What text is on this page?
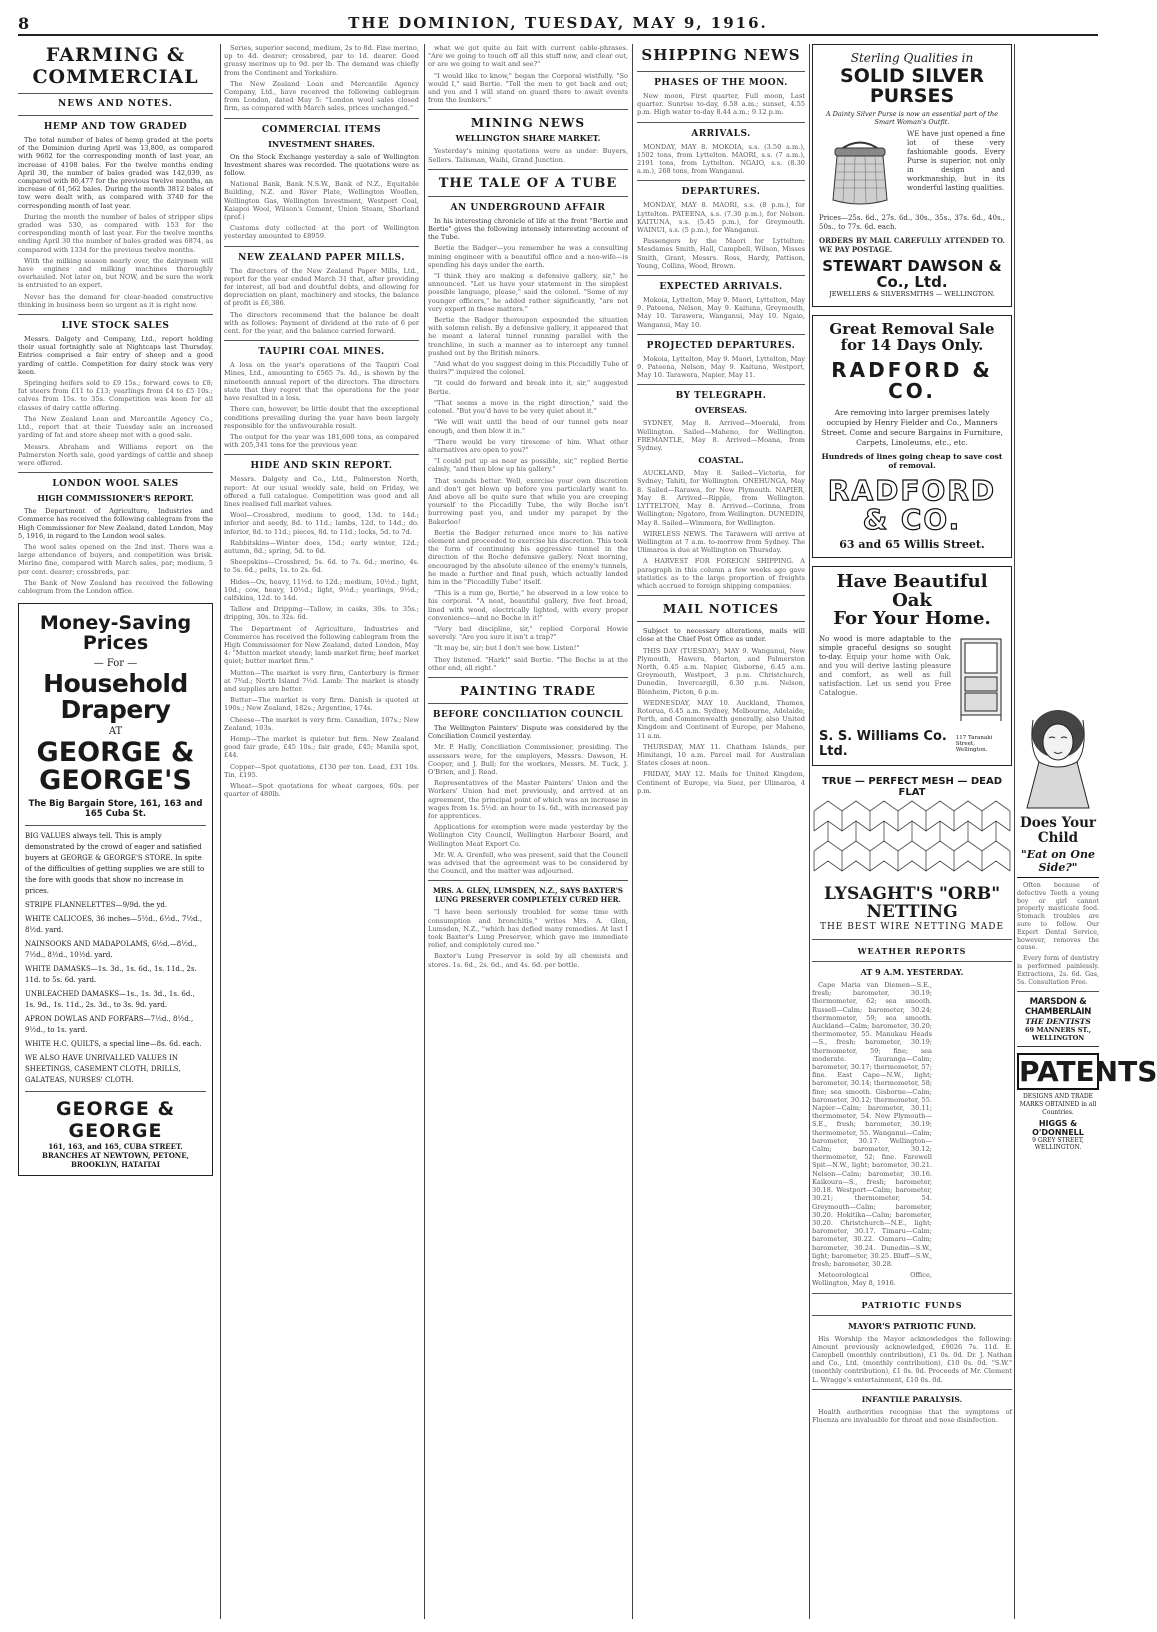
8	THE DOMINION, TUESDAY, MAY 9, 1916.
FARMING & COMMERCIAL
NEWS AND NOTES.
HEMP AND TOW GRADED

The total number of bales of hemp graded at the ports of the Dominion during April was 13,800, as compared with 9602 for the corresponding month of last year, an increase of 4198 bales. For the twelve months ending April 30, the number of bales graded was 142,039, as compared with 80,477 for the previous twelve months, an increase of 61,562 bales. During the month 3812 bales of tow were dealt with, as compared with 3740 for the corresponding month of last year.

During the month the number of bales of stripper slips graded was 530, as compared with 153 for the corresponding month of last year. For the twelve months ending April 30 the number of bales graded was 6874, as compared with 1334 for the previous twelve months.

With the milking season nearly over, the dairymen will have engines and milking machines thoroughly overhauled. Not later on, but NOW, and be sure the work is entrusted to an expert.

Never has the demand for clear-headed constructive thinking in business been so urgent as it is right now.

LIVE STOCK SALES

Messrs. Dalgety and Company, Ltd., report holding their usual fortnightly sale at Nightcaps last Thursday. Entries comprised a fair entry of sheep and a good yarding of cattle. Competition for dairy stock was very keen.

Springing heifers sold to £9 15s.; forward cows to £8; fat steers from £11 to £13; yearlings from £4 to £5 10s.; calves from 15s. to 35s. Competition was keen for all classes of dairy cattle offering.

The New Zealand Loan and Mercantile Agency Co., Ltd., report that at their Tuesday sale an increased yarding of fat and store sheep met with a good sale.

Messrs. Abraham and Williams report on the Palmerston North sale, good yardings of cattle and sheep were offered.

LONDON WOOL SALES
HIGH COMMISSIONER'S REPORT.

The Department of Agriculture, Industries and Commerce has received the following cablegram from the High Commissioner for New Zealand, dated London, May 5, 1916, in regard to the London wool sales.

The wool sales opened on the 2nd inst. There was a large attendance of buyers, and competition was brisk. Merino fine, compared with March sales, par; medium, 5 per cent. dearer; crossbreds, par.

The Bank of New Zealand has received the following cablegram from the London office.

Money-Saving Prices
— For —
Household Drapery
AT
GEORGE & GEORGE'S
The Big Bargain Store, 161, 163 and 165 Cuba St.
BIG VALUES always tell. This is amply demonstrated by the crowd of eager and satisfied buyers at GEORGE & GEORGE'S STORE. In spite of the difficulties of getting supplies we are still to the fore with goods that show no increase in prices.
STRIPE FLANNELETTES—9/9d. the yd.
WHITE CALICOES, 36 inches—5½d., 6½d., 7½d., 8½d. yard.
NAINSOOKS AND MADAPOLAMS, 6½d.—8½d., 7½d., 8½d., 10½d. yard.
WHITE DAMASKS—1s. 3d., 1s. 6d., 1s. 11d., 2s. 11d. to 5s. 6d. yard.
UNBLEACHED DAMASKS—1s., 1s. 3d., 1s. 6d., 1s. 9d., 1s. 11d., 2s. 3d., to 3s. 9d. yard.
APRON DOWLAS AND FORFARS—7½d., 8½d., 9½d., to 1s. yard.
WHITE H.C. QUILTS, a special line—8s. 6d. each.
WE ALSO HAVE UNRIVALLED VALUES IN SHEETINGS, CASEMENT CLOTH, DRILLS, GALATEAS, NURSES' CLOTH.
GEORGE & GEORGE
161, 163, and 165, CUBA STREET.
BRANCHES AT NEWTOWN, PETONE, BROOKLYN, HATAITAI

Series, superior second, medium, 2s to 8d. Fine merino, up to 4d. dearer; crossbred, par to 1d. dearer. Good greasy merinos up to 9d. per lb. The demand was chiefly from the Continent and Yorkshire.

The New Zealand Loan and Mercantile Agency Company, Ltd., have received the following cablegram from London, dated May 5: "London wool sales closed firm, as compared with March sales, prices unchanged."

COMMERCIAL ITEMS
INVESTMENT SHARES.

On the Stock Exchange yesterday a sale of Wellington Investment shares was recorded. The quotations were as follow.

National Bank, Bank N.S.W., Bank of N.Z., Equitable Building, N.Z. and River Plate, Wellington Woollen, Wellington Gas, Wellington Investment, Westport Coal, Kaiapoi Wool, Wilson's Cement, Union Steam, Sharland (pref.)

Customs duty collected at the port of Wellington yesterday amounted to £8959.

NEW ZEALAND PAPER MILLS.

The directors of the New Zealand Paper Mills, Ltd., report for the year ended March 31 that, after providing for interest, all bad and doubtful debts, and allowing for depreciation on plant, machinery and stocks, the balance of profit is £6,386.

The directors recommend that the balance be dealt with as follows: Payment of dividend at the rate of 6 per cent. for the year, and the balance carried forward.

TAUPIRI COAL MINES.

A loss on the year's operations of the Taupiri Coal Mines, Ltd., amounting to £565 7s. 4d., is shown by the nineteenth annual report of the directors. The directors state that they regret that the operations for the year have resulted in a loss.

There can, however, be little doubt that the exceptional conditions prevailing during the year have been largely responsible for the unfavourable result.

The output for the year was 181,600 tons, as compared with 205,341 tons for the previous year.

HIDE AND SKIN REPORT.

Messrs. Dalgety and Co., Ltd., Palmerston North, report: At our usual weekly sale, held on Friday, we offered a full catalogue. Competition was good and all lines realised full market values.

Wool—Crossbred, medium to good, 13d. to 14d.; inferior and seedy, 8d. to 11d.; lambs, 12d. to 14d.; do. inferior, 8d. to 11d.; pieces, 8d. to 11d.; locks, 5d. to 7d.

Rabbitskins—Winter does, 15d.; early winter, 12d.; autumn, 8d.; spring, 5d. to 6d.

Sheepskins—Crossbred, 5s. 6d. to 7s. 6d.; merino, 4s. to 5s. 6d.; pelts, 1s. to 2s. 6d.

Hides—Ox, heavy, 11½d. to 12d.; medium, 10½d.; light, 10d.; cow, heavy, 10½d.; light, 9½d.; yearlings, 9½d.; calfskins, 12d. to 14d.

Tallow and Dripping—Tallow, in casks, 30s. to 35s.; dripping, 30s. to 32s. 6d.

The Department of Agriculture, Industries and Commerce has received the following cablegram from the High Commissioner for New Zealand, dated London, May 4: "Mutton market steady; lamb market firm; beef market quiet; butter market firm."

Mutton—The market is very firm, Canterbury is firmer at 7¾d.; North Island 7½d. Lamb: The market is steady and supplies are better.

Butter—The market is very firm. Danish is quoted at 190s.; New Zealand, 182s.; Argentine, 174s.

Cheese—The market is very firm. Canadian, 107s.; New Zealand, 103s.

Hemp—The market is quieter but firm. New Zealand good fair grade, £45 10s.; fair grade, £45; Manila spot, £44.

Copper—Spot quotations, £130 per ton. Lead, £31 10s. Tin, £195.

Wheat—Spot quotations for wheat cargoes, 60s. per quarter of 480lb.

what we got quite au fait with current cable-phrases. "Are we going to touch off all this stuff now, and clear out, or are we going to wait and see?"

"I would like to know," began the Corporal wistfully. "So would I," said Bertie. "Tell the men to get back and out; and you and I will stand on guard there to await events from the bunkers."

MINING NEWS
WELLINGTON SHARE MARKET.

Yesterday's mining quotations were as under: Buyers, Sellers. Talisman, Waihi, Grand Junction.

THE TALE OF A TUBE
AN UNDERGROUND AFFAIR

In his interesting chronicle of life at the front "Bertie and Bertie" gives the following intensely interesting account of the Tube.

Bertie the Badger—you remember he was a consulting mining engineer with a beautiful office and a neo-wife—is spending his days under the earth.

"I think they are making a defensive gallery, sir," he announced. "Let us have your statement in the simplest possible language, please," said the colonel. "Some of my younger officers," he added rather significantly, "are not very expert in these matters."

Bertie the Badger thereupon expounded the situation with solemn relish. By a defensive gallery, it appeared that he meant a lateral tunnel running parallel with the trenchline, in such a manner as to intercept any tunnel pushed out by the British miners.

"And what do you suggest doing in this Piccadilly Tube of theirs?" inquired the colonel.

"It could do forward and break into it, sir," suggested Bertie.

"That seems a move in the right direction," said the colonel. "But you'd have to be very quiet about it."

"We will wait until the head of our tunnel gets near enough, and then blow it in."

"There would be very tiresome of him. What other alternatives are open to you?"

"I could put up as near as possible, sir," replied Bertie calmly, "and then blow up his gallery."

That sounds better. Well, exercise your own discretion and don't get blown up before you particularly want to. And above all be quite sure that while you are creeping yourself to the Piccadilly Tube, the wily Boche isn't burrowing past you, and under my parapet by the Bakerloo!

Bertie the Badger returned once more to his native element and proceeded to exercise his discretion. This took the form of continuing his aggressive tunnel in the direction of the Boche defensive gallery. Next morning, encouraged by the absolute silence of the enemy's tunnels, he made a further and final push, which actually landed him in the "Piccadilly Tube" itself.

"This is a rum go, Bertie," he observed in a low voice to his corporal. "A neat, beautiful gallery, five feet broad, lined with wood, electrically lighted, with every proper convenience—and no Boche in it!"

"Very bad discipline, sir," replied Corporal Howie severely. "Are you sure it isn't a trap?"

"It may be, sir; but I don't see how. Listen!"

They listened. "Hark!" said Bertie. "The Boche is at the other end, all right."

PAINTING TRADE
BEFORE CONCILIATION COUNCIL

The Wellington Painters' Dispute was considered by the Conciliation Council yesterday.

Mr. P. Hally, Conciliation Commissioner, presiding. The assessors were, for the employers, Messrs. Dawson, H. Cooper, and J. Bull; for the workers, Messrs. M. Tuck, J. O'Brien, and J. Read.

Representatives of the Master Painters' Union and the Workers' Union had met previously, and arrived at an agreement, the principal point of which was an increase in wages from 1s. 5½d. an hour to 1s. 6d., with increased pay for apprentices.

Applications for exemption were made yesterday by the Wellington City Council, Wellington Harbour Board, and Wellington Meat Export Co.

Mr. W. A. Grenfell, who was present, said that the Council was advised that the agreement was to be considered by the Council, and the matter was adjourned.

MRS. A. GLEN, LUMSDEN, N.Z., SAYS BAXTER'S LUNG PRESERVER COMPLETELY CURED HER.

"I have been seriously troubled for some time with consumption and bronchitis," writes Mrs. A. Glen, Lumsden, N.Z., "which has defied many remedies. At last I took Baxter's Lung Preserver, which gave me immediate relief, and completely cured me."

Baxter's Lung Preserver is sold by all chemists and stores. 1s. 6d., 2s. 6d., and 4s. 6d. per bottle.

SHIPPING NEWS
PHASES OF THE MOON.

New moon, First quarter, Full moon, Last quarter. Sunrise to-day, 6.58 a.m.; sunset, 4.55 p.m. High water to-day 8.44 a.m.; 9.12 p.m.

ARRIVALS.

MONDAY, MAY 8. MOKOIA, s.s. (3.50 a.m.), 1502 tons, from Lyttelton. MAORI, s.s. (7 a.m.), 2191 tons, from Lyttelton. NGAIO, s.s. (8.30 a.m.), 268 tons, from Wanganui.

DEPARTURES.

MONDAY, MAY 8. MAORI, s.s. (8 p.m.), for Lyttelton. PATEENA, s.s. (7.30 p.m.), for Nelson. KAITUNA, s.s. (5.45 p.m.), for Greymouth. WAINUI, s.s. (5 p.m.), for Wanganui.

Passengers by the Maori for Lyttelton: Mesdames Smith, Hall, Campbell, Wilson, Misses Smith, Grant, Messrs. Ross, Hardy, Pattison, Young, Collins, Wood, Brown.

EXPECTED ARRIVALS.

Mokoia, Lyttelton, May 9. Maori, Lyttelton, May 9. Pateena, Nelson, May 9. Kaituna, Greymouth, May 10. Tarawera, Wanganui, May 10. Ngaio, Wanganui, May 10.

PROJECTED DEPARTURES.

Mokoia, Lyttelton, May 9. Maori, Lyttelton, May 9. Pateena, Nelson, May 9. Kaituna, Westport, May 10. Tarawera, Napier, May 11.

BY TELEGRAPH.
OVERSEAS.

SYDNEY, May 8. Arrived—Moeraki, from Wellington. Sailed—Maheno, for Wellington. FREMANTLE, May 8. Arrived—Moana, from Sydney.

COASTAL.

AUCKLAND, May 8. Sailed—Victoria, for Sydney; Tahiti, for Wellington. ONEHUNGA, May 8. Sailed—Rarawa, for New Plymouth. NAPIER, May 8. Arrived—Ripple, from Wellington. LYTTELTON, May 8. Arrived—Corinna, from Wellington; Ngatoro, from Wellington. DUNEDIN, May 8. Sailed—Wimmera, for Wellington.

WIRELESS NEWS. The Tarawera will arrive at Wellington at 7 a.m. to-morrow from Sydney. The Ulimaroa is due at Wellington on Thursday.

A HARVEST FOR FOREIGN SHIPPING. A paragraph in this column a few weeks ago gave statistics as to the large proportion of freights which accrued to foreign shipping companies.

MAIL NOTICES

Subject to necessary alterations, mails will close at the Chief Post Office as under.

THIS DAY (TUESDAY), MAY 9. Wanganui, New Plymouth, Hawera, Marton, and Palmerston North, 6.45 a.m. Napier, Gisborne, 6.45 a.m. Greymouth, Westport, 3 p.m. Christchurch, Dunedin, Invercargill, 6.30 p.m. Nelson, Blenheim, Picton, 6 p.m.

WEDNESDAY, MAY 10. Auckland, Thames, Rotorua, 6.45 a.m. Sydney, Melbourne, Adelaide, Perth, and Commonwealth generally, also United Kingdom and Continent of Europe, per Maheno, 11 a.m.

THURSDAY, MAY 11. Chatham Islands, per Himitangi, 10 a.m. Parcel mail for Australian States closes at noon.

FRIDAY, MAY 12. Mails for United Kingdom, Continent of Europe, via Suez, per Ulimaroa, 4 p.m.

Sterling Qualities in
SOLID SILVER PURSES
A Dainty Silver Purse is now an essential part of the Smart Woman's Outfit.
WE have just opened a fine lot of these very fashionable goods. Every Purse is superior, not only in design and workmanship, but in its wonderful lasting qualities.
Prices—25s. 6d., 27s. 6d., 30s., 35s., 37s. 6d., 40s., 50s., to 77s. 6d. each.
ORDERS BY MAIL CAREFULLY ATTENDED TO. WE PAY POSTAGE.
STEWART DAWSON & Co., Ltd.
JEWELLERS & SILVERSMITHS — WELLINGTON.
Great Removal Sale for 14 Days Only.
RADFORD & CO.
Are removing into larger premises lately occupied by Henry Fielder and Co., Manners Street. Come and secure Bargains in Furniture, Carpets, Linoleums, etc., etc.
Hundreds of lines going cheap to save cost of removal.
RADFORD & CO.
63 and 65 Willis Street.
Have Beautiful Oak
For Your Home.
No wood is more adaptable to the simple graceful designs so sought to-day. Equip your home with Oak, and you will derive lasting pleasure and comfort, as well as full satisfaction. Let us send you Free Catalogue.
S. S. Williams Co. Ltd.
117 Taranaki Street, Wellington.
TRUE — PERFECT MESH — DEAD FLAT
LYSAGHT'S "ORB" NETTING
THE BEST WIRE NETTING MADE
WEATHER REPORTS
AT 9 A.M. YESTERDAY.

Cape Maria van Diemen—S.E., fresh; barometer, 30.19; thermometer, 62; sea smooth. Russell—Calm; barometer, 30.24; thermometer, 59; sea smooth. Auckland—Calm; barometer, 30.20; thermometer, 55. Manukau Heads—S., fresh; barometer, 30.19; thermometer, 59; fine; sea moderate. Tauranga—Calm; barometer, 30.17; thermometer, 57; fine. East Cape—N.W., light; barometer, 30.14; thermometer, 58; fine; sea smooth. Gisborne—Calm; barometer, 30.12; thermometer, 55. Napier—Calm; barometer, 30.11; thermometer, 54. New Plymouth—S.E., fresh; barometer, 30.19; thermometer, 55. Wanganui—Calm; barometer, 30.17. Wellington—Calm; barometer, 30.12; thermometer, 52; fine. Farewell Spit—N.W., light; barometer, 30.21. Nelson—Calm; barometer, 30.16. Kaikoura—S., fresh; barometer, 30.18. Westport—Calm; barometer, 30.21; thermometer, 54. Greymouth—Calm; barometer, 30.20. Hokitika—Calm; barometer, 30.20. Christchurch—N.E., light; barometer, 30.17. Timaru—Calm; barometer, 30.22. Oamaru—Calm; barometer, 30.24. Dunedin—S.W., light; barometer, 30.25. Bluff—S.W., fresh; barometer, 30.28.

Meteorological Office, Wellington, May 8, 1916.

PATRIOTIC FUNDS
MAYOR'S PATRIOTIC FUND.

His Worship the Mayor acknowledges the following: Amount previously acknowledged, £9026 7s. 11d. E. Campbell (monthly contribution), £1 0s. 0d. Dr. J. Nathan and Co., Ltd. (monthly contribution), £10 0s. 0d. "S.W." (monthly contribution), £1 0s. 0d. Proceeds of Mr. Clement L. Wragge's entertainment, £10 0s. 0d.

INFANTILE PARALYSIS.

Health authorities recognise that the symptoms of Fluenza are invaluable for throat and nose disinfection.

Does Your Child
"Eat on One Side?"

Often because of defective Teeth a young boy or girl cannot properly masticate food. Stomach troubles are sure to follow. Our Expert Dental Service, however, removes the cause.

Every form of dentistry is performed painlessly. Extractions, 2s. 6d. Gas, 5s. Consultation Free.

MARSDON & CHAMBERLAIN
THE DENTISTS
69 MANNERS ST., WELLINGTON
PATENTS
DESIGNS AND TRADE MARKS OBTAINED in all Countries.
HIGGS & O'DONNELL
9 GREY STREET, WELLINGTON.
